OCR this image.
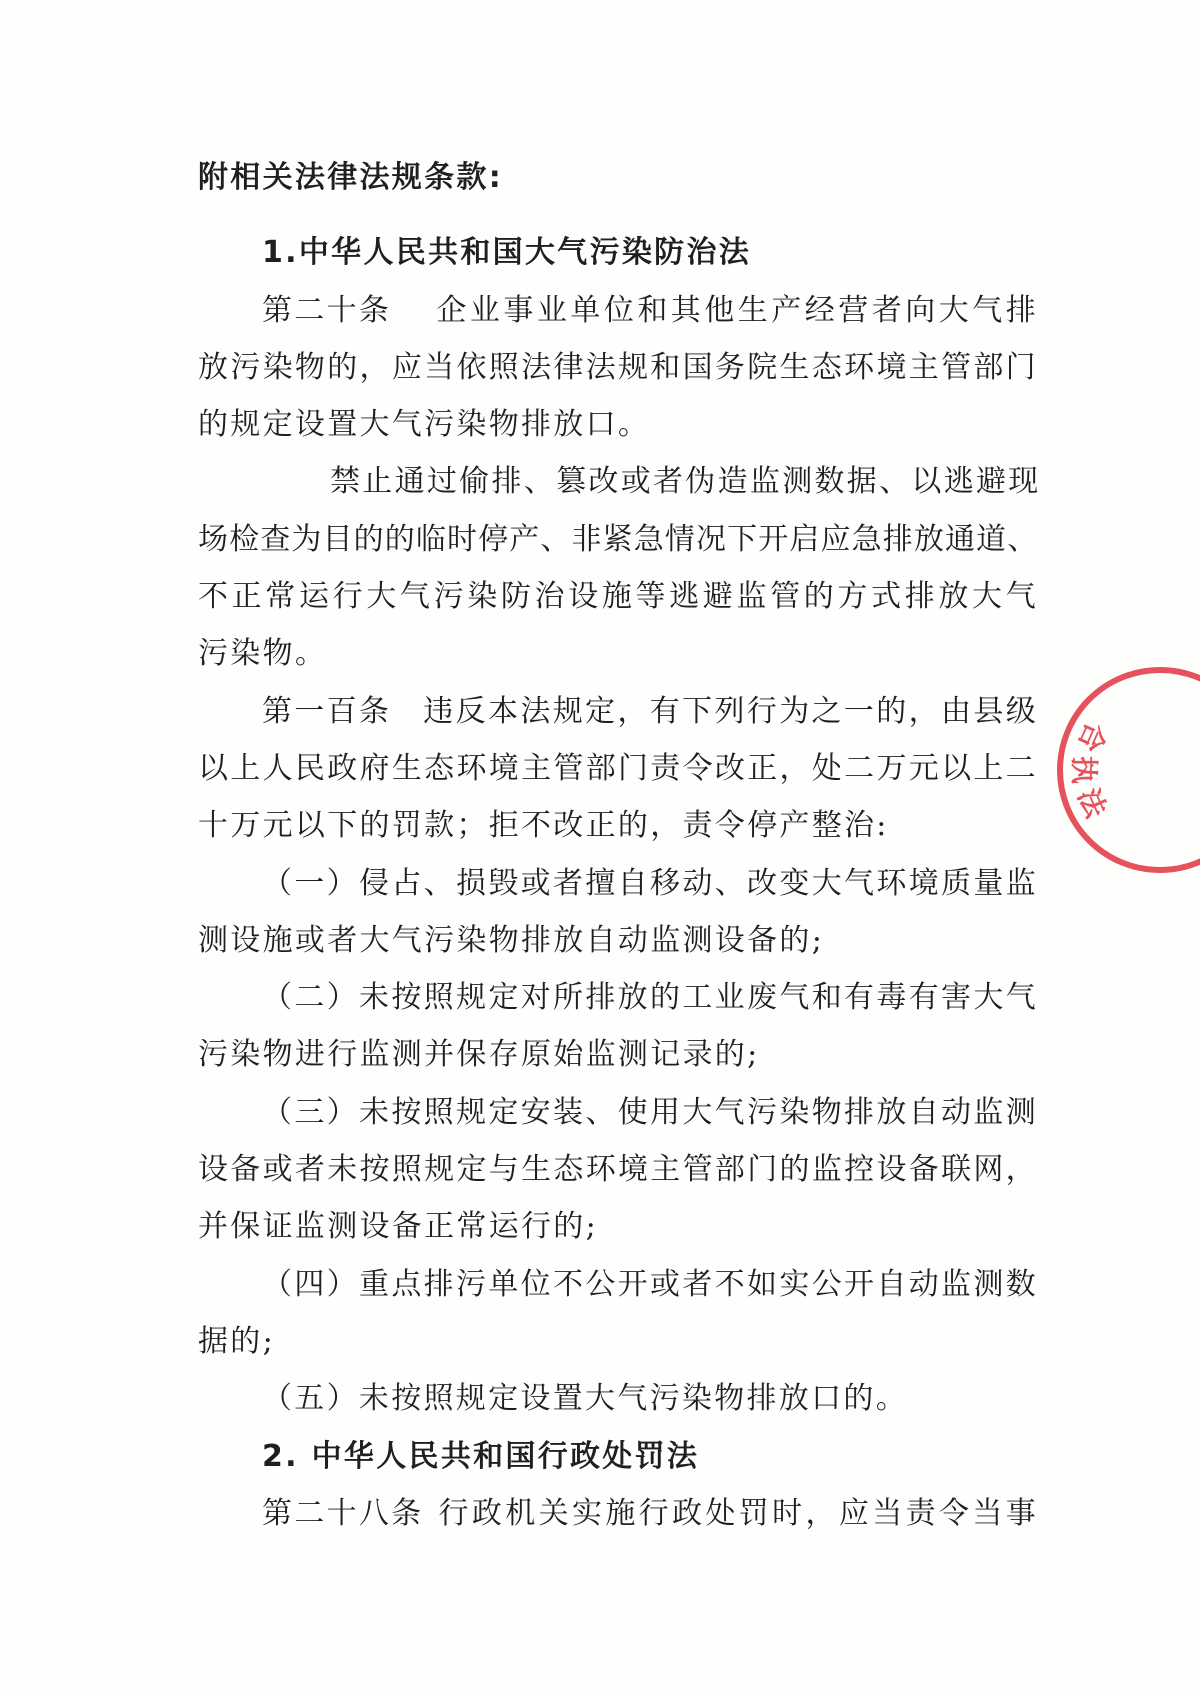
附相关法律法规条款:
1.中华人民共和国大气污染防治法
第二十条 企业事业单位和其他生产经营者向大气排
放污染物的，应当依照法律法规和国务院生态环境主管部门
的规定设置大气污染物排放口。
禁止通过偷排、篡改或者伪造监测数据、以逃避现
场检查为目的的临时停产、非紧急情况下开启应急排放通道、
不正常运行大气污染防治设施等逃避监管的方式排放大气
污染物。
第一百条 违反本法规定，有下列行为之一的，由县级
以上人民政府生态环境主管部门责令改正，处二万元以上二
十万元以下的罚款；拒不改正的，责令停产整治:
（一）侵占、损毁或者擅自移动、改变大气环境质量监
测设施或者大气污染物排放自动监测设备的;
（二）未按照规定对所排放的工业废气和有毒有害大气
污染物进行监测并保存原始监测记录的;
（三）未按照规定安装、使用大气污染物排放自动监测
设备或者未按照规定与生态环境主管部门的监控设备联网，
并保证监测设备正常运行的;
（四）重点排污单位不公开或者不如实公开自动监测数
据的;
（五）未按照规定设置大气污染物排放口的。
2. 中华人民共和国行政处罚法
第二十八条 行政机关实施行政处罚时，应当责令当事
合
执
法
